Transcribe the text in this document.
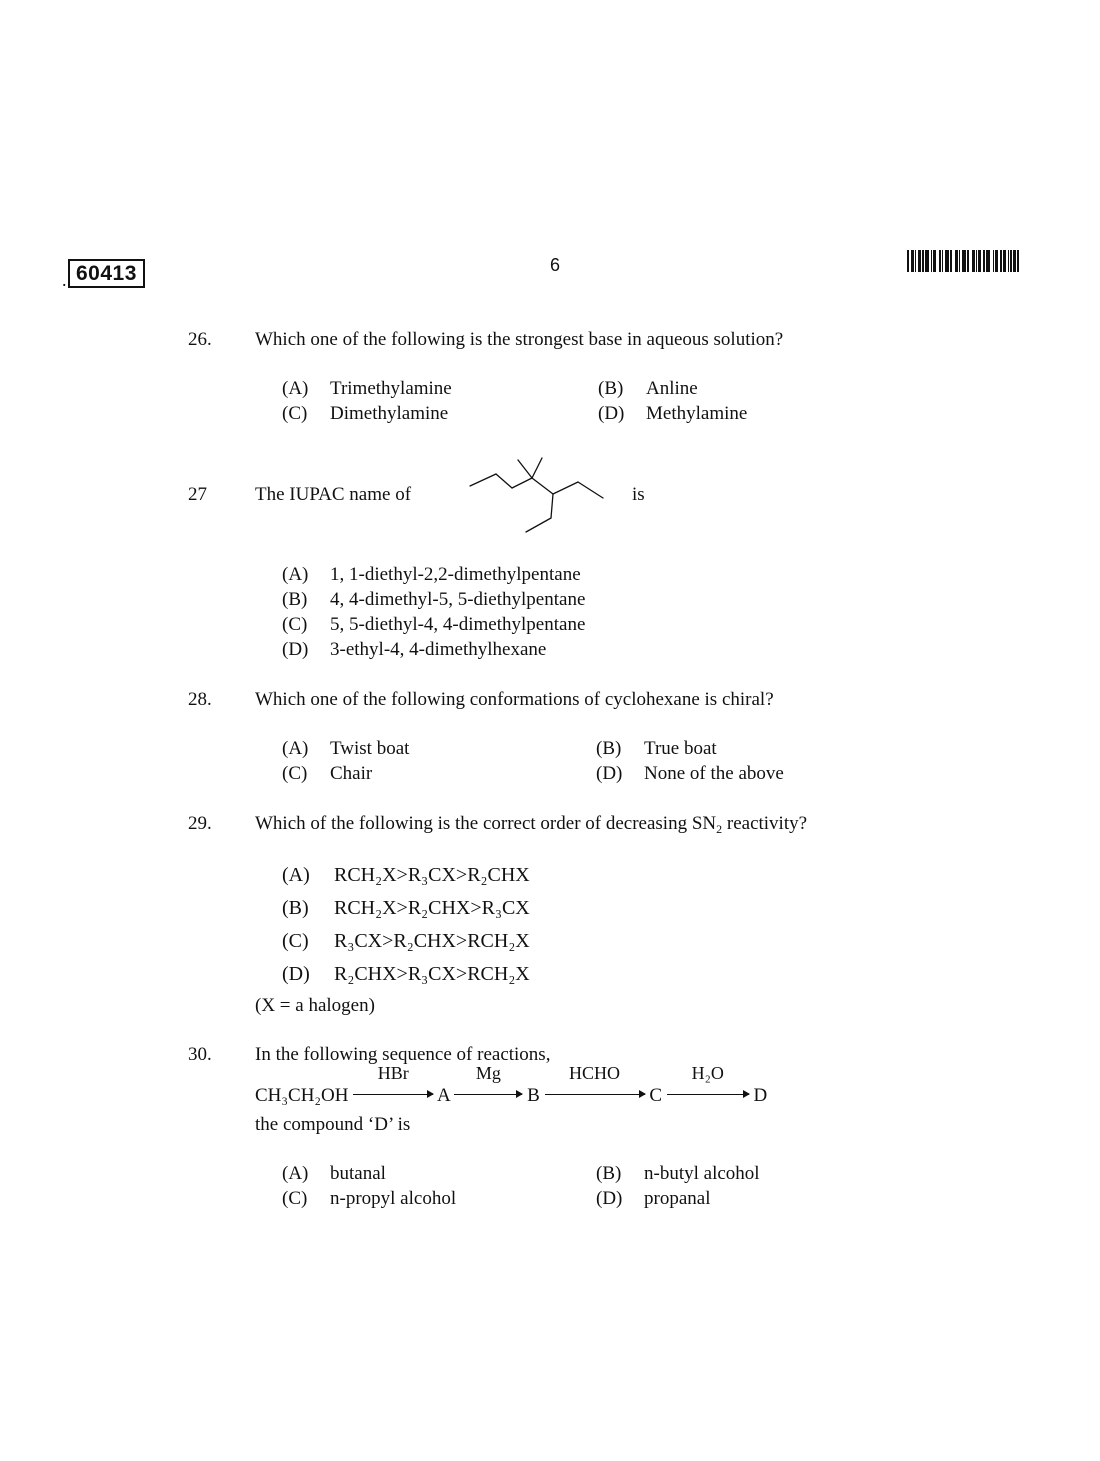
. 60413	6
26. Which one of the following is the strongest base in aqueous solution?
(A) Trimethylamine	(B) Anline
(C) Dimethylamine	(D) Methylamine
27	The IUPAC name of	is
(A) 1, 1-diethyl-2,2-dimethylpentane
(B) 4, 4-dimethyl-5, 5-diethylpentane
(C) 5, 5-diethyl-4, 4-dimethylpentane
(D) 3-ethyl-4, 4-dimethylhexane
28. Which one of the following conformations of cyclohexane is chiral?
(A) Twist boat	(B) True boat
(C) Chair	(D) None of the above
29. Which of the following is the correct order of decreasing $SN_2$ reactivity?
(A) RCH₂X>R₃CX>R₂CHX
(B) RCH₂X>R₂CHX>R₃CX
(C) R₃CX>R₂CHX>RCH₂X
(D) R₂CHX>R₃CX>RCH₂X
(X = a halogen)
30. In the following sequence of reactions,
CH₃CH₂OH
HBr
A
Mg
B
HCHO
C
H₂O
D
the compound ‘D’ is
(A) butanal	(B) n-butyl alcohol
(C) n-propyl alcohol	(D) propanal
